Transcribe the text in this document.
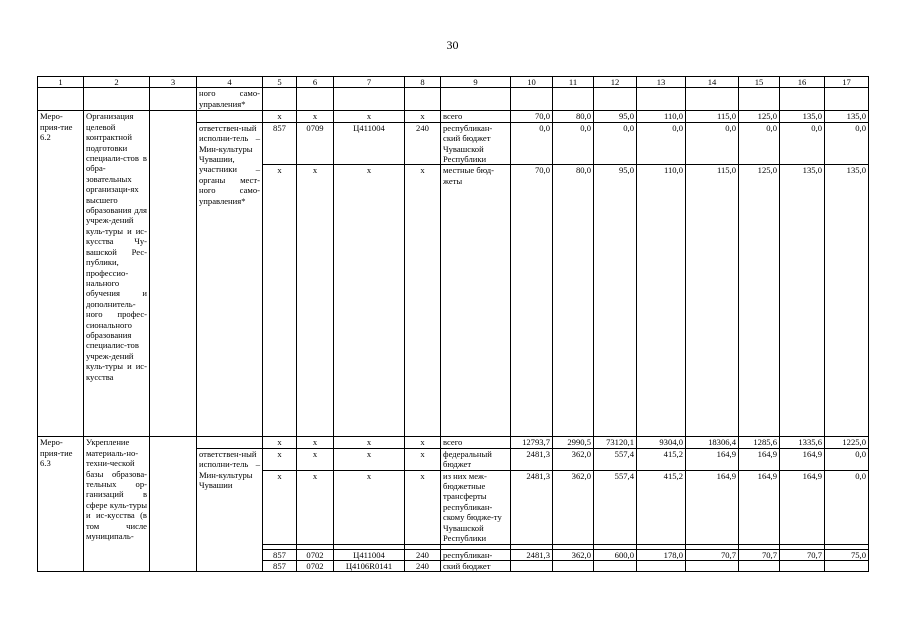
30
1	2	3	4	5	6	7	8	9	10	11	12	13	14	15	16	17
			ного само-управления*													
Меро-прия-тие 6.2	Организация целевой контрактной подготовки специали-стов в обра-зовательных организаци-ях высшего образования для учреж-дений куль-туры и ис-кусства Чу-вашской Рес-публики, профессио-нального обучения и дополнитель-ного профес-сионального образования специалис-тов учреж-дений куль-туры и ис-кусства			х	х	х	х	всего	70,0	80,0	95,0	110,0	115,0	125,0	135,0	135,0
			ответствен-ный исполни-тель – Мин-культуры Чувашии, участники – органы мест-ного само-управления*	857	0709	Ц411004	240	республикан-ский бюджет Чувашской Республики	0,0	0,0	0,0	0,0	0,0	0,0	0,0	0,0
				х	х	х	х	местные бюд-жеты	70,0	80,0	95,0	110,0	115,0	125,0	135,0	135,0

Меро-прия-тие 6.3	Укрепление материаль-но-техни-ческой базы образова-тельных ор-ганизаций в сфере куль-туры и ис-кусства (в том числе муниципаль-			х	х	х	х	всего	12793,7	2990,5	73120,1	9304,0	18306,4	1285,6	1335,6	1225,0
			ответствен-ный исполни-тель – Мин-культуры Чувашии	х	х	х	х	федеральный бюджет	2481,3	362,0	557,4	415,2	164,9	164,9	164,9	0,0
				х	х	х	х	из них меж-бюджетные трансферты республикан-скому бюдже-ту Чувашской Республики	2481,3	362,0	557,4	415,2	164,9	164,9	164,9	0,0

				857	0702	Ц411004	240	республикан-	2481,3	362,0	600,0	178,0	70,7	70,7	70,7	75,0
				857	0702	Ц4106R0141	240	ский бюджет								
